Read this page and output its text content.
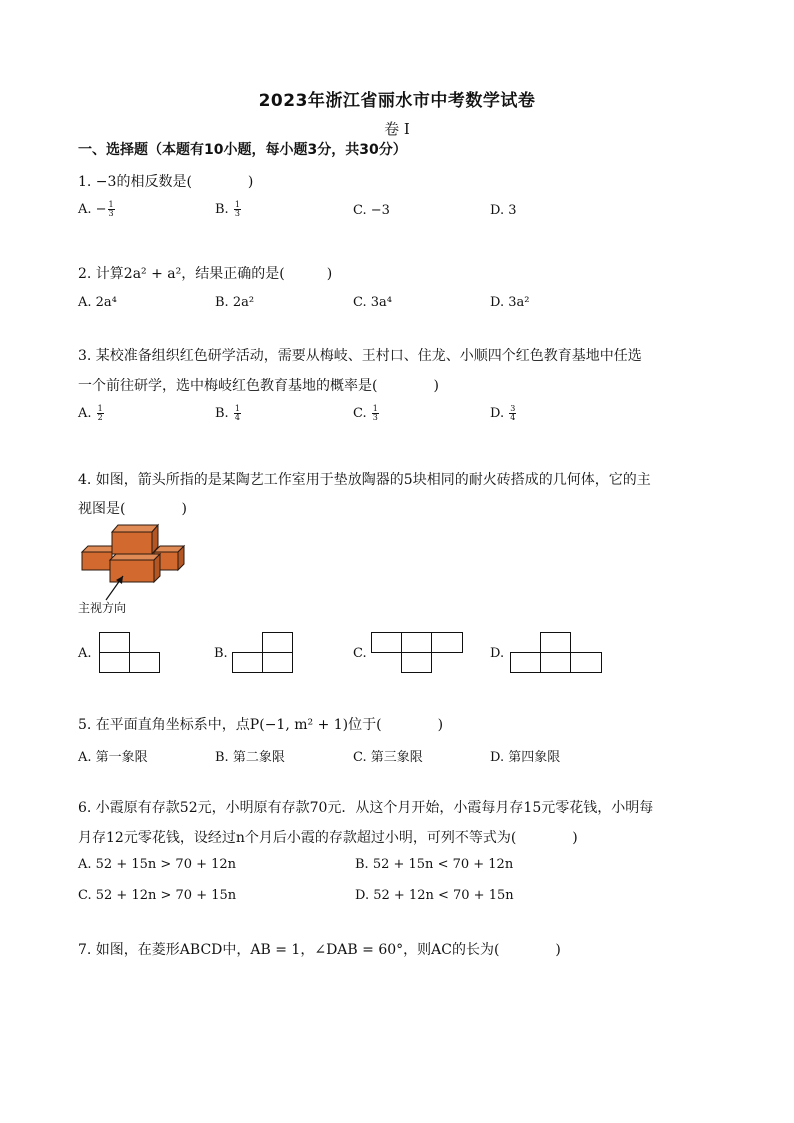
2023年浙江省丽水市中考数学试卷
卷 I
一、选择题（本题有10小题，每小题3分，共30分）
1. −3的相反数是(　　　　)
A. − $\frac{1}{3}$	B. $\frac{1}{3}$	C. −3	D. 3
2. 计算2a² + a²，结果正确的是(　　　)
A. 2a⁴	B. 2a²	C. 3a⁴	D. 3a²
3. 某校准备组织红色研学活动，需要从梅岐、王村口、住龙、小顺四个红色教育基地中任选
一个前往研学，选中梅岐红色教育基地的概率是(　　　　)
A. $\frac{1}{2}$	B. $\frac{1}{4}$	C. $\frac{1}{3}$	D. $\frac{3}{4}$
4. 如图，箭头所指的是某陶艺工作室用于垫放陶器的5块相同的耐火砖搭成的几何体，它的主
视图是(　　　　)
主视方向
A.	B.	C.	D.
5. 在平面直角坐标系中，点P(−1, m² + 1)位于(　　　　)
A. 第一象限	B. 第二象限	C. 第三象限	D. 第四象限
6. 小霞原有存款52元，小明原有存款70元．从这个月开始，小霞每月存15元零花钱，小明每
月存12元零花钱，设经过n个月后小霞的存款超过小明，可列不等式为(　　　　)
A. 52 + 15n > 70 + 12n	B. 52 + 15n < 70 + 12n
C. 52 + 12n > 70 + 15n	D. 52 + 12n < 70 + 15n
7. 如图，在菱形ABCD中，AB = 1，∠DAB = 60°，则AC的长为(　　　　)
